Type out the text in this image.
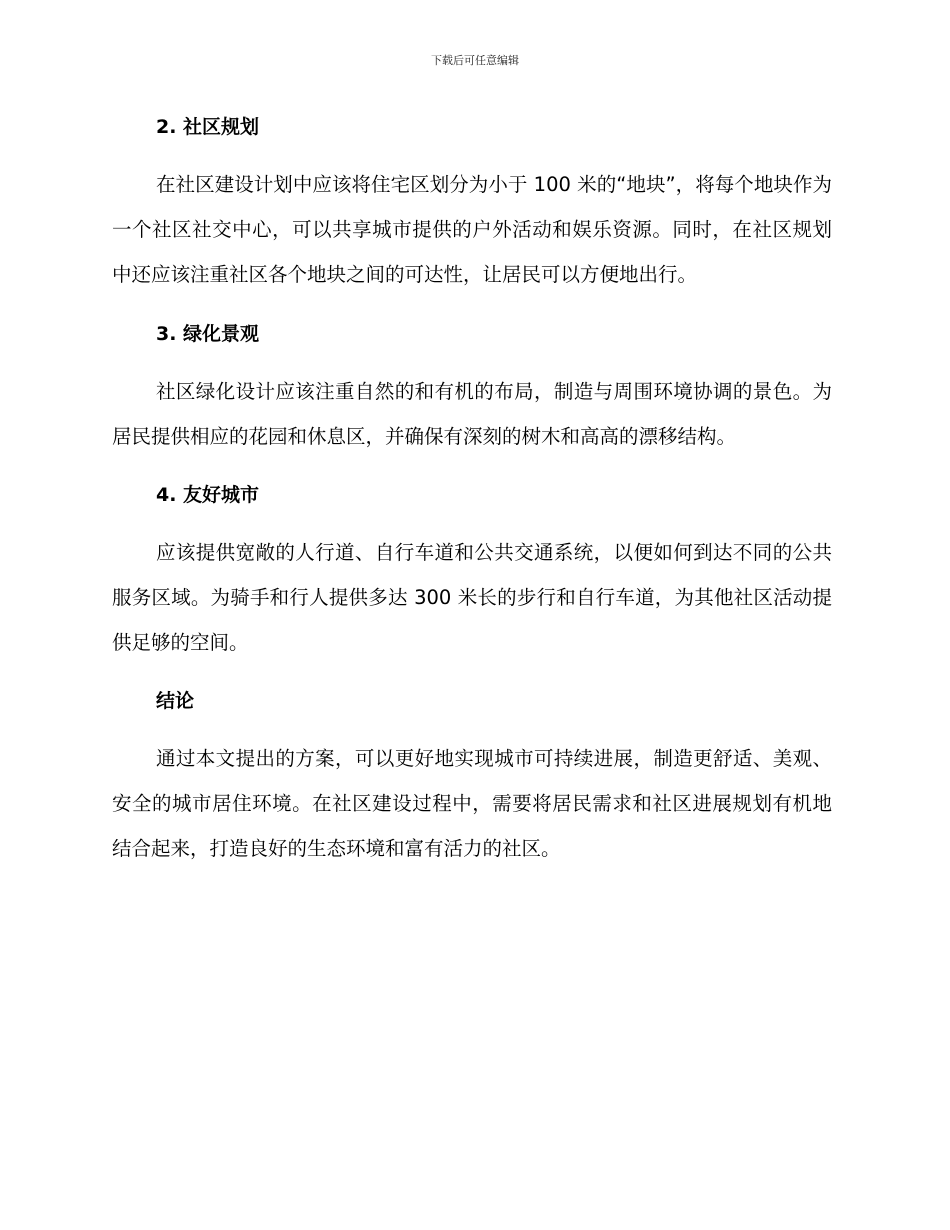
下载后可任意编辑
2. 社区规划

在社区建设计划中应该将住宅区划分为小于 100 米的“地块”，将每个地块作为一个社区社交中心，可以共享城市提供的户外活动和娱乐资源。同时，在社区规划中还应该注重社区各个地块之间的可达性，让居民可以方便地出行。

3. 绿化景观

社区绿化设计应该注重自然的和有机的布局，制造与周围环境协调的景色。为居民提供相应的花园和休息区，并确保有深刻的树木和高高的漂移结构。

4. 友好城市

应该提供宽敞的人行道、自行车道和公共交通系统，以便如何到达不同的公共服务区域。为骑手和行人提供多达 300 米长的步行和自行车道，为其他社区活动提供足够的空间。

结论

通过本文提出的方案，可以更好地实现城市可持续进展，制造更舒适、美观、安全的城市居住环境。在社区建设过程中，需要将居民需求和社区进展规划有机地结合起来，打造良好的生态环境和富有活力的社区。
